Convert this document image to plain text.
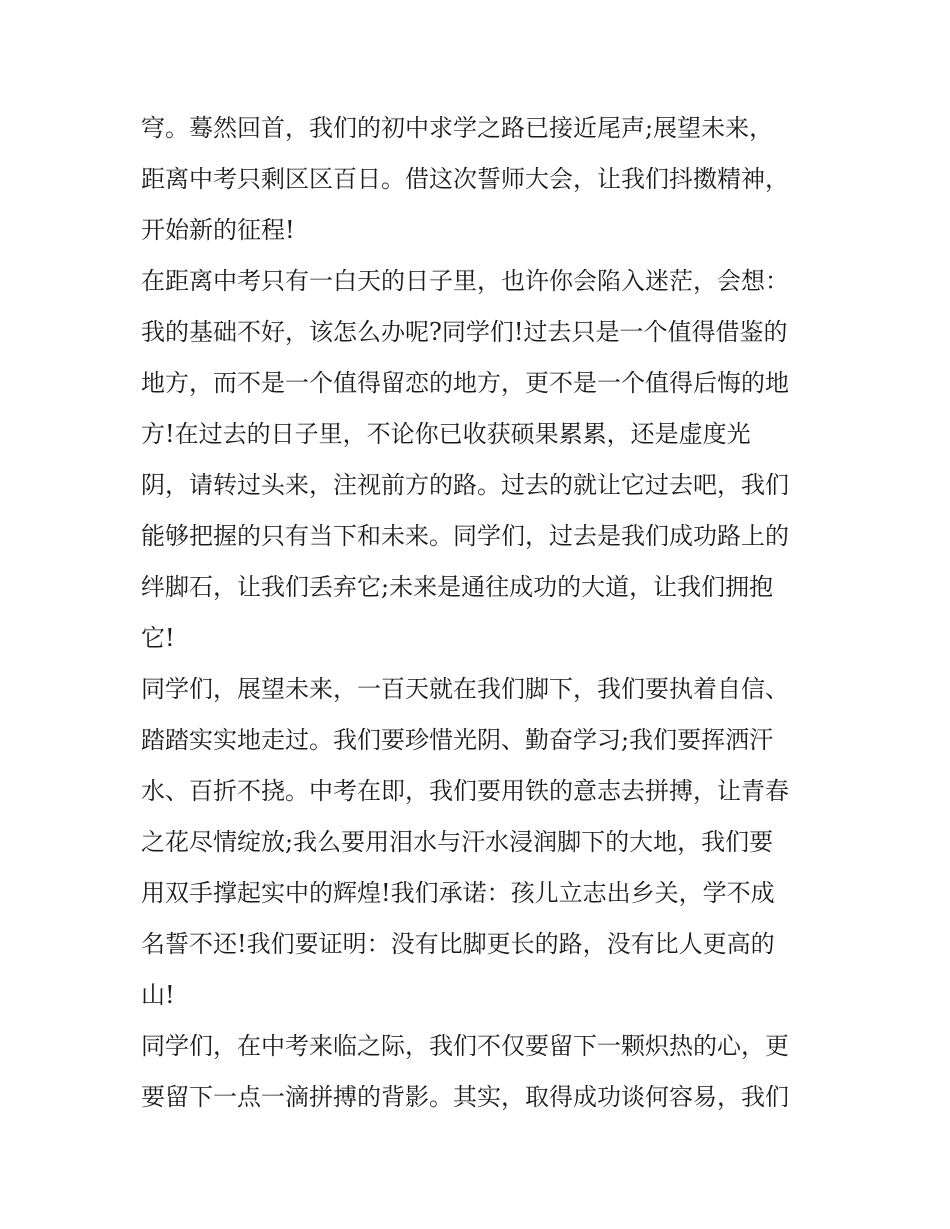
穹。蓦然回首，我们的初中求学之路已接近尾声;展望未来，
距离中考只剩区区百日。借这次誓师大会，让我们抖擞精神，
开始新的征程!
在距离中考只有一白天的日子里，也许你会陷入迷茫，会想：
我的基础不好，该怎么办呢?同学们!过去只是一个值得借鉴的
地方，而不是一个值得留恋的地方，更不是一个值得后悔的地
方!在过去的日子里，不论你已收获硕果累累，还是虚度光
阴，请转过头来，注视前方的路。过去的就让它过去吧，我们
能够把握的只有当下和未来。同学们，过去是我们成功路上的
绊脚石，让我们丢弃它;未来是通往成功的大道，让我们拥抱
它!
同学们，展望未来，一百天就在我们脚下，我们要执着自信、
踏踏实实地走过。我们要珍惜光阴、勤奋学习;我们要挥洒汗
水、百折不挠。中考在即，我们要用铁的意志去拼搏，让青春
之花尽情绽放;我么要用泪水与汗水浸润脚下的大地，我们要
用双手撑起实中的辉煌!我们承诺：孩儿立志出乡关，学不成
名誓不还!我们要证明：没有比脚更长的路，没有比人更高的
山!
同学们，在中考来临之际，我们不仅要留下一颗炽热的心，更
要留下一点一滴拼搏的背影。其实，取得成功谈何容易，我们
